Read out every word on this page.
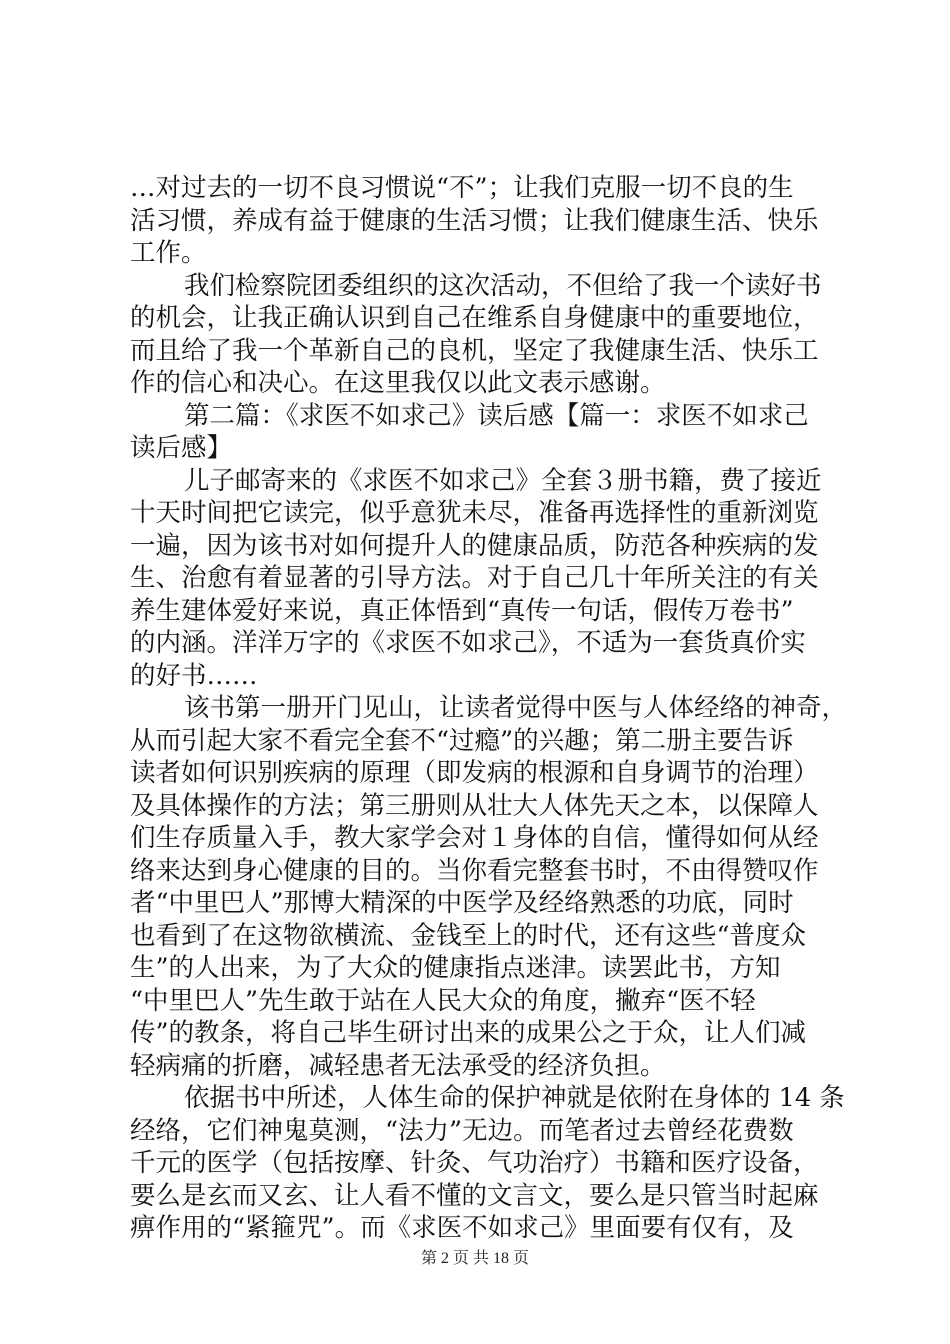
…对过去的一切不良习惯说“不”；让我们克服一切不良的生
活习惯，养成有益于健康的生活习惯；让我们健康生活、快乐
工作。
我们检察院团委组织的这次活动，不但给了我一个读好书
的机会，让我正确认识到自己在维系自身健康中的重要地位，
而且给了我一个革新自己的良机，坚定了我健康生活、快乐工
作的信心和决心。在这里我仅以此文表示感谢。
第二篇：《求医不如求己》读后感【篇一：求医不如求己
读后感】
儿子邮寄来的《求医不如求己》全套３册书籍，费了接近
十天时间把它读完，似乎意犹未尽，准备再选择性的重新浏览
一遍，因为该书对如何提升人的健康品质，防范各种疾病的发
生、治愈有着显著的引导方法。对于自己几十年所关注的有关
养生建体爱好来说，真正体悟到“真传一句话，假传万卷书”
的内涵。洋洋万字的《求医不如求己》，不适为一套货真价实
的好书……
该书第一册开门见山，让读者觉得中医与人体经络的神奇，
从而引起大家不看完全套不“过瘾”的兴趣；第二册主要告诉
读者如何识别疾病的原理（即发病的根源和自身调节的治理）
及具体操作的方法；第三册则从壮大人体先天之本，以保障人
们生存质量入手，教大家学会对１身体的自信，懂得如何从经
络来达到身心健康的目的。当你看完整套书时，不由得赞叹作
者“中里巴人”那博大精深的中医学及经络熟悉的功底，同时
也看到了在这物欲横流、金钱至上的时代，还有这些“普度众
生”的人出来，为了大众的健康指点迷津。读罢此书，方知
“中里巴人”先生敢于站在人民大众的角度，撇弃“医不轻
传”的教条，将自己毕生研讨出来的成果公之于众，让人们减
轻病痛的折磨，减轻患者无法承受的经济负担。
依据书中所述，人体生命的保护神就是依附在身体的 14 条
经络，它们神鬼莫测，“法力”无边。而笔者过去曾经花费数
千元的医学（包括按摩、针灸、气功治疗）书籍和医疗设备，
要么是玄而又玄、让人看不懂的文言文，要么是只管当时起麻
痹作用的“紧箍咒”。而《求医不如求己》里面要有仅有，及
第 2 页 共 18 页
